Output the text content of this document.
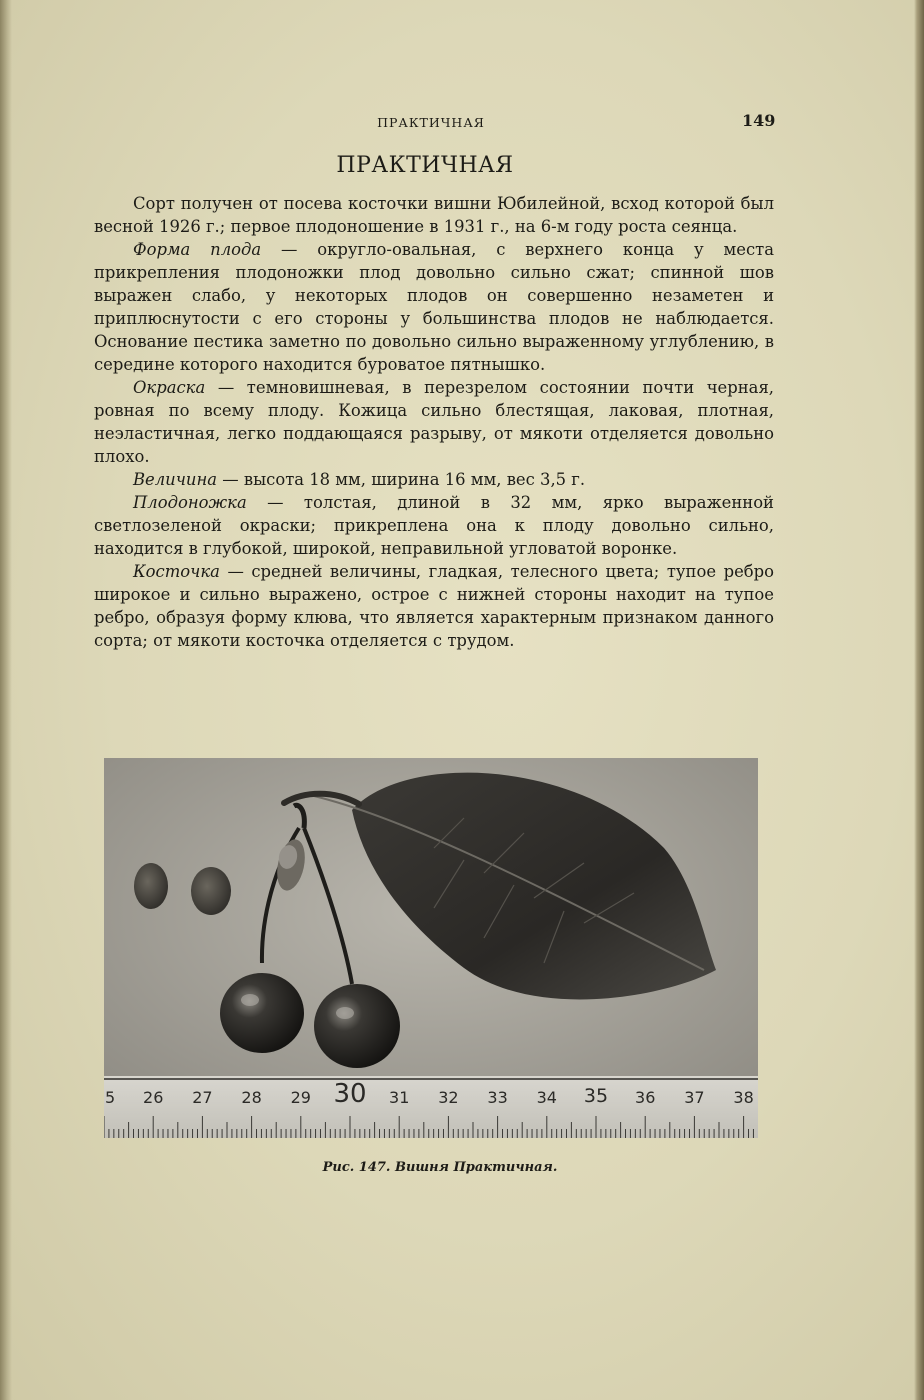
ПРАКТИЧНАЯ	149
ПРАКТИЧНАЯ

Сорт получен от посева косточки вишни Юбилейной, всход которой был весной 1926 г.; первое плодоношение в 1931 г., на 6-м году роста сеянца.

Форма плода — округло-овальная, с верхнего конца у места прикрепления плодоножки плод довольно сильно сжат; спинной шов выражен слабо, у некоторых плодов он совершенно незаметен и приплюснутости с его стороны у большинства плодов не наблюдается. Основание пестика заметно по довольно сильно выраженному углублению, в середине которого находится буроватое пятнышко.

Окраска — темновишневая, в перезрелом состоянии почти черная, ровная по всему плоду. Кожица сильно блестящая, лаковая, плотная, неэластичная, легко поддающаяся разрыву, от мякоти отделяется довольно плохо.

Величина — высота 18 мм, ширина 16 мм, вес 3,5 г.

Плодоножка — толстая, длиной в 32 мм, ярко выраженной светлозеленой окраски; прикреплена она к плоду довольно сильно, находится в глубокой, широкой, неправильной угловатой воронке.

Косточка — средней величины, гладкая, телесного цвета; тупое ребро широкое и сильно выражено, острое с нижней стороны находит на тупое ребро, образуя форму клюва, что является характерным признаком данного сорта; от мякоти косточка отделяется с трудом.

5 26 27 28 29 30 31 32 33 34 35 36 37 38
Рис. 147. Вишня Практичная.
